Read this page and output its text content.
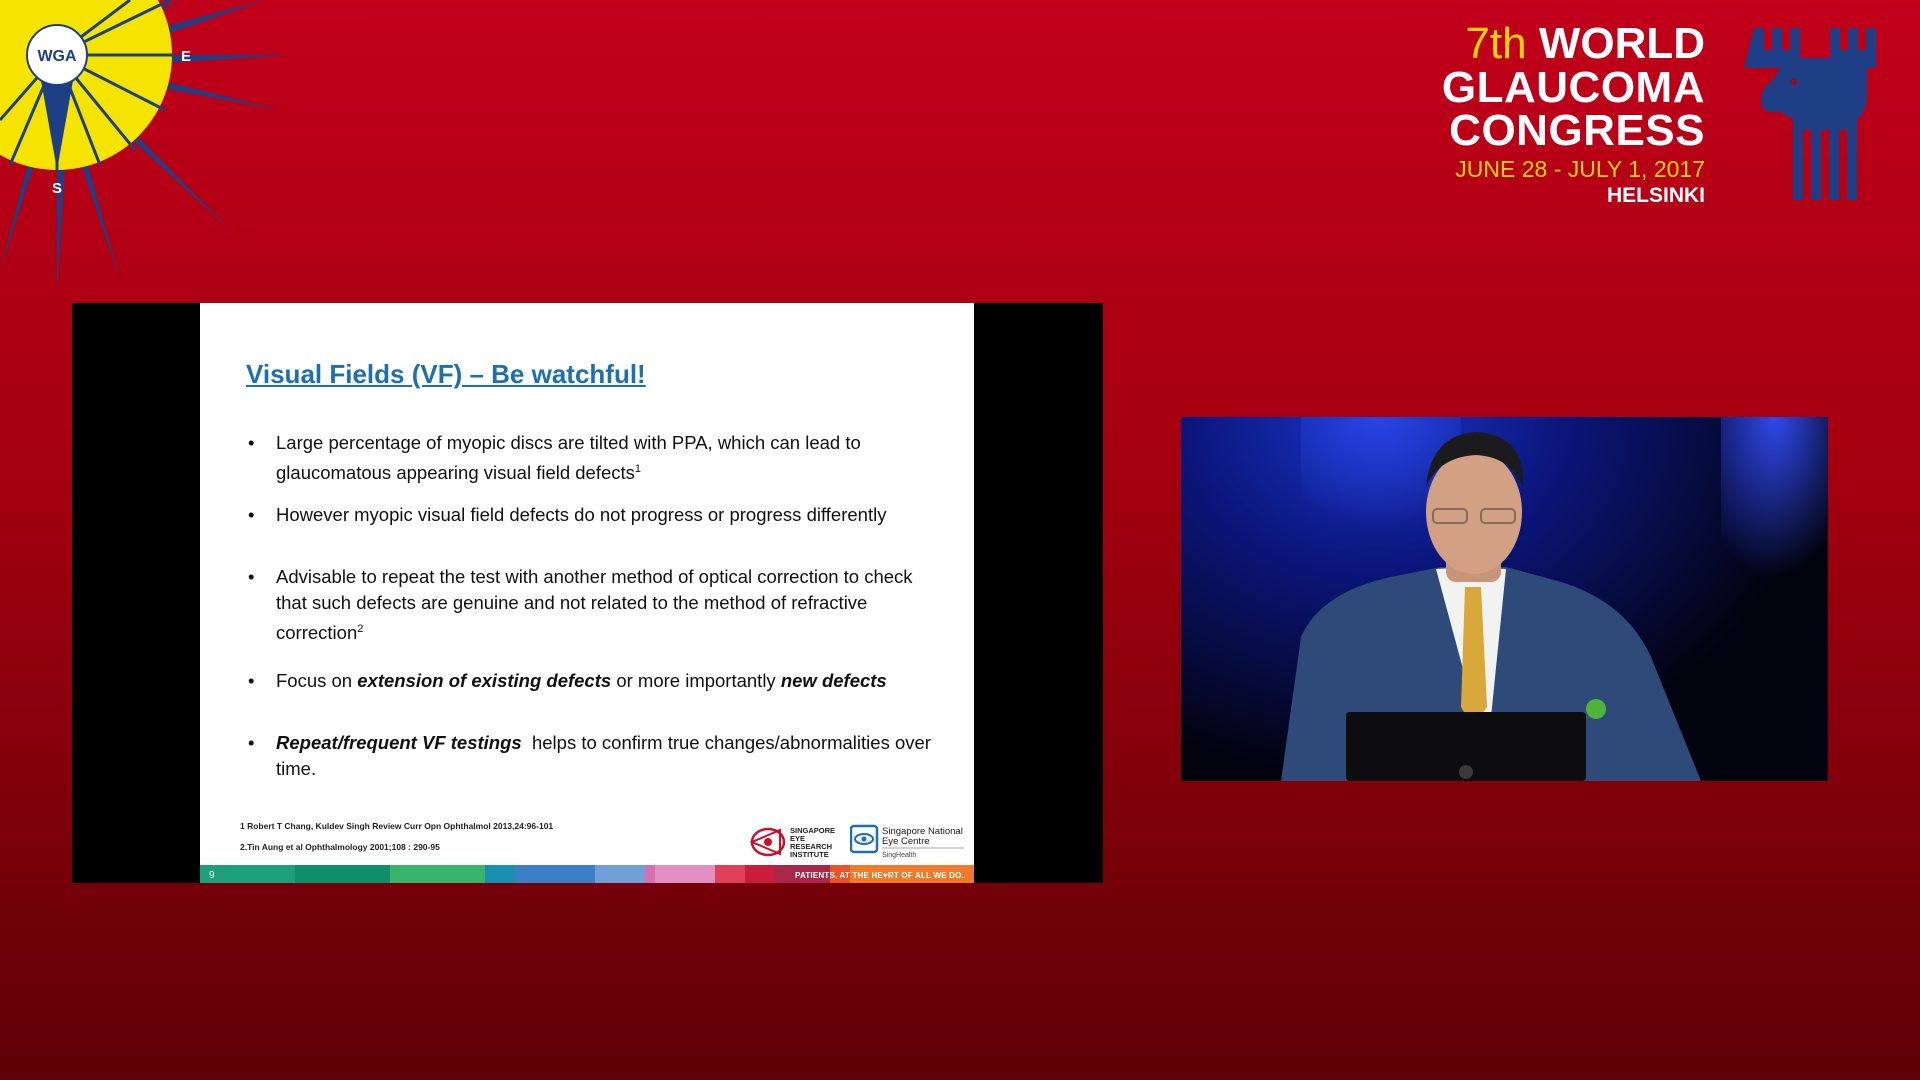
WGA	E
S
7th WORLD
GLAUCOMA
CONGRESS
JUNE 28 - JULY 1, 2017
HELSINKI
Visual Fields (VF) – Be watchful!
• Large percentage of myopic discs are tilted with PPA, which can lead to glaucomatous appearing visual field defects$^1$
• However myopic visual field defects do not progress or progress differently
• Advisable to repeat the test with another method of optical correction to check that such defects are genuine and not related to the method of refractive correction$^2$
• Focus on extension of existing defects or more importantly new defects
• Repeat/frequent VF testings  helps to confirm true changes/abnormalities over time.
1 Robert T Chang, Kuldev Singh Review Curr Opn Ophthalmol 2013,24:96-101
2.Tin Aung et al Ophthalmology 2001;108 : 290-95
SINGAPORE
EYE
RESEARCH
INSTITUTE
Singapore National
Eye Centre
SingHealth
9	PATIENTS. AT THE HE♥RT OF ALL WE DO.
